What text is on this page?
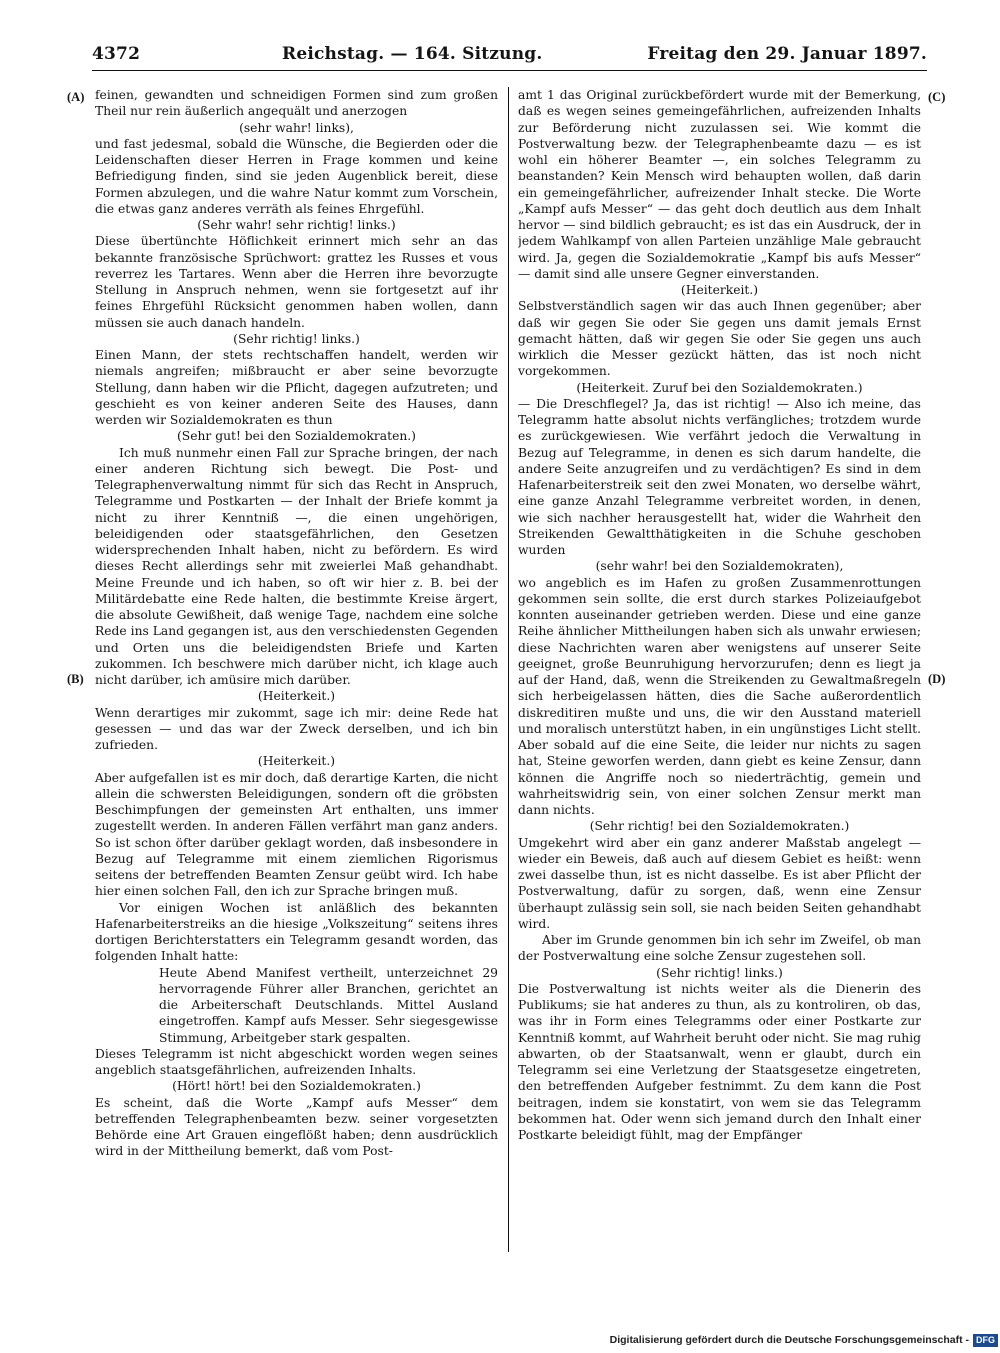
4372	Reichstag. — 164. Sitzung.	Freitag den 29. Januar 1897.
(A)
(B)
(C)
(D)

feinen, gewandten und schneidigen Formen sind zum großen Theil nur rein äußerlich angequält und anerzogen

(sehr wahr! links),

und fast jedesmal, sobald die Wünsche, die Begierden oder die Leidenschaften dieser Herren in Frage kommen und keine Befriedigung finden, sind sie jeden Augenblick bereit, diese Formen abzulegen, und die wahre Natur kommt zum Vorschein, die etwas ganz anderes verräth als feines Ehrgefühl.

(Sehr wahr! sehr richtig! links.)

Diese übertünchte Höflichkeit erinnert mich sehr an das bekannte französische Sprüchwort: grattez les Russes et vous reverrez les Tartares. Wenn aber die Herren ihre bevorzugte Stellung in Anspruch nehmen, wenn sie fortgesetzt auf ihr feines Ehrgefühl Rücksicht genommen haben wollen, dann müssen sie auch danach handeln.

(Sehr richtig! links.)

Einen Mann, der stets rechtschaffen handelt, werden wir niemals angreifen; mißbraucht er aber seine bevorzugte Stellung, dann haben wir die Pflicht, dagegen aufzutreten; und geschieht es von keiner anderen Seite des Hauses, dann werden wir Sozialdemokraten es thun

(Sehr gut! bei den Sozialdemokraten.)

Ich muß nunmehr einen Fall zur Sprache bringen, der nach einer anderen Richtung sich bewegt. Die Post- und Telegraphenverwaltung nimmt für sich das Recht in Anspruch, Telegramme und Postkarten — der Inhalt der Briefe kommt ja nicht zu ihrer Kenntniß —, die einen ungehörigen, beleidigenden oder staatsgefährlichen, den Gesetzen widersprechenden Inhalt haben, nicht zu befördern. Es wird dieses Recht allerdings sehr mit zweierlei Maß gehandhabt. Meine Freunde und ich haben, so oft wir hier z. B. bei der Militärdebatte eine Rede halten, die bestimmte Kreise ärgert, die absolute Gewißheit, daß wenige Tage, nachdem eine solche Rede ins Land gegangen ist, aus den verschiedensten Gegenden und Orten uns die beleidigendsten Briefe und Karten zukommen. Ich beschwere mich darüber nicht, ich klage auch nicht darüber, ich amüsire mich darüber.

(Heiterkeit.)

Wenn derartiges mir zukommt, sage ich mir: deine Rede hat gesessen — und das war der Zweck derselben, und ich bin zufrieden.

(Heiterkeit.)

Aber aufgefallen ist es mir doch, daß derartige Karten, die nicht allein die schwersten Beleidigungen, sondern oft die gröbsten Beschimpfungen der gemeinsten Art enthalten, uns immer zugestellt werden. In anderen Fällen verfährt man ganz anders. So ist schon öfter darüber geklagt worden, daß insbesondere in Bezug auf Telegramme mit einem ziemlichen Rigorismus seitens der betreffenden Beamten Zensur geübt wird. Ich habe hier einen solchen Fall, den ich zur Sprache bringen muß.

Vor einigen Wochen ist anläßlich des bekannten Hafenarbeiterstreiks an die hiesige „Volkszeitung“ seitens ihres dortigen Berichterstatters ein Telegramm gesandt worden, das folgenden Inhalt hatte:

Heute Abend Manifest vertheilt, unterzeichnet 29 hervorragende Führer aller Branchen, gerichtet an die Arbeiterschaft Deutschlands. Mittel Ausland eingetroffen. Kampf aufs Messer. Sehr siegesgewisse Stimmung, Arbeitgeber stark gespalten.

Dieses Telegramm ist nicht abgeschickt worden wegen seines angeblich staatsgefährlichen, aufreizenden Inhalts.

(Hört! hört! bei den Sozialdemokraten.)

Es scheint, daß die Worte „Kampf aufs Messer“ dem betreffenden Telegraphenbeamten bezw. seiner vorgesetzten Behörde eine Art Grauen eingeflößt haben; denn ausdrücklich wird in der Mittheilung bemerkt, daß vom Post-

amt 1 das Original zurückbefördert wurde mit der Bemerkung, daß es wegen seines gemeingefährlichen, aufreizenden Inhalts zur Beförderung nicht zuzulassen sei. Wie kommt die Postverwaltung bezw. der Telegraphenbeamte dazu — es ist wohl ein höherer Beamter —, ein solches Telegramm zu beanstanden? Kein Mensch wird behaupten wollen, daß darin ein gemeingefährlicher, aufreizender Inhalt stecke. Die Worte „Kampf aufs Messer“ — das geht doch deutlich aus dem Inhalt hervor — sind bildlich gebraucht; es ist das ein Ausdruck, der in jedem Wahlkampf von allen Parteien unzählige Male gebraucht wird. Ja, gegen die Sozialdemokratie „Kampf bis aufs Messer“ — damit sind alle unsere Gegner einverstanden.

(Heiterkeit.)

Selbstverständlich sagen wir das auch Ihnen gegenüber; aber daß wir gegen Sie oder Sie gegen uns damit jemals Ernst gemacht hätten, daß wir gegen Sie oder Sie gegen uns auch wirklich die Messer gezückt hätten, das ist noch nicht vorgekommen.

(Heiterkeit. Zuruf bei den Sozialdemokraten.)

— Die Dreschflegel? Ja, das ist richtig! — Also ich meine, das Telegramm hatte absolut nichts verfängliches; trotzdem wurde es zurückgewiesen. Wie verfährt jedoch die Verwaltung in Bezug auf Telegramme, in denen es sich darum handelte, die andere Seite anzugreifen und zu verdächtigen? Es sind in dem Hafenarbeiterstreik seit den zwei Monaten, wo derselbe währt, eine ganze Anzahl Telegramme verbreitet worden, in denen, wie sich nachher herausgestellt hat, wider die Wahrheit den Streikenden Gewaltthätigkeiten in die Schuhe geschoben wurden

(sehr wahr! bei den Sozialdemokraten),

wo angeblich es im Hafen zu großen Zusammenrottungen gekommen sein sollte, die erst durch starkes Polizeiaufgebot konnten auseinander getrieben werden. Diese und eine ganze Reihe ähnlicher Mittheilungen haben sich als unwahr erwiesen; diese Nachrichten waren aber wenigstens auf unserer Seite geeignet, große Beunruhigung hervorzurufen; denn es liegt ja auf der Hand, daß, wenn die Streikenden zu Gewaltmaßregeln sich herbeigelassen hätten, dies die Sache außerordentlich diskreditiren mußte und uns, die wir den Ausstand materiell und moralisch unterstützt haben, in ein ungünstiges Licht stellt. Aber sobald auf die eine Seite, die leider nur nichts zu sagen hat, Steine geworfen werden, dann giebt es keine Zensur, dann können die Angriffe noch so niederträchtig, gemein und wahrheitswidrig sein, von einer solchen Zensur merkt man dann nichts.

(Sehr richtig! bei den Sozialdemokraten.)

Umgekehrt wird aber ein ganz anderer Maßstab angelegt — wieder ein Beweis, daß auch auf diesem Gebiet es heißt: wenn zwei dasselbe thun, ist es nicht dasselbe. Es ist aber Pflicht der Postverwaltung, dafür zu sorgen, daß, wenn eine Zensur überhaupt zulässig sein soll, sie nach beiden Seiten gehandhabt wird.

Aber im Grunde genommen bin ich sehr im Zweifel, ob man der Postverwaltung eine solche Zensur zugestehen soll.

(Sehr richtig! links.)

Die Postverwaltung ist nichts weiter als die Dienerin des Publikums; sie hat anderes zu thun, als zu kontroliren, ob das, was ihr in Form eines Telegramms oder einer Postkarte zur Kenntniß kommt, auf Wahrheit beruht oder nicht. Sie mag ruhig abwarten, ob der Staatsanwalt, wenn er glaubt, durch ein Telegramm sei eine Verletzung der Staatsgesetze eingetreten, den betreffenden Aufgeber festnimmt. Zu dem kann die Post beitragen, indem sie konstatirt, von wem sie das Telegramm bekommen hat. Oder wenn sich jemand durch den Inhalt einer Postkarte beleidigt fühlt, mag der Empfänger

Digitalisierung gefördert durch die Deutsche Forschungsgemeinschaft - DFG
